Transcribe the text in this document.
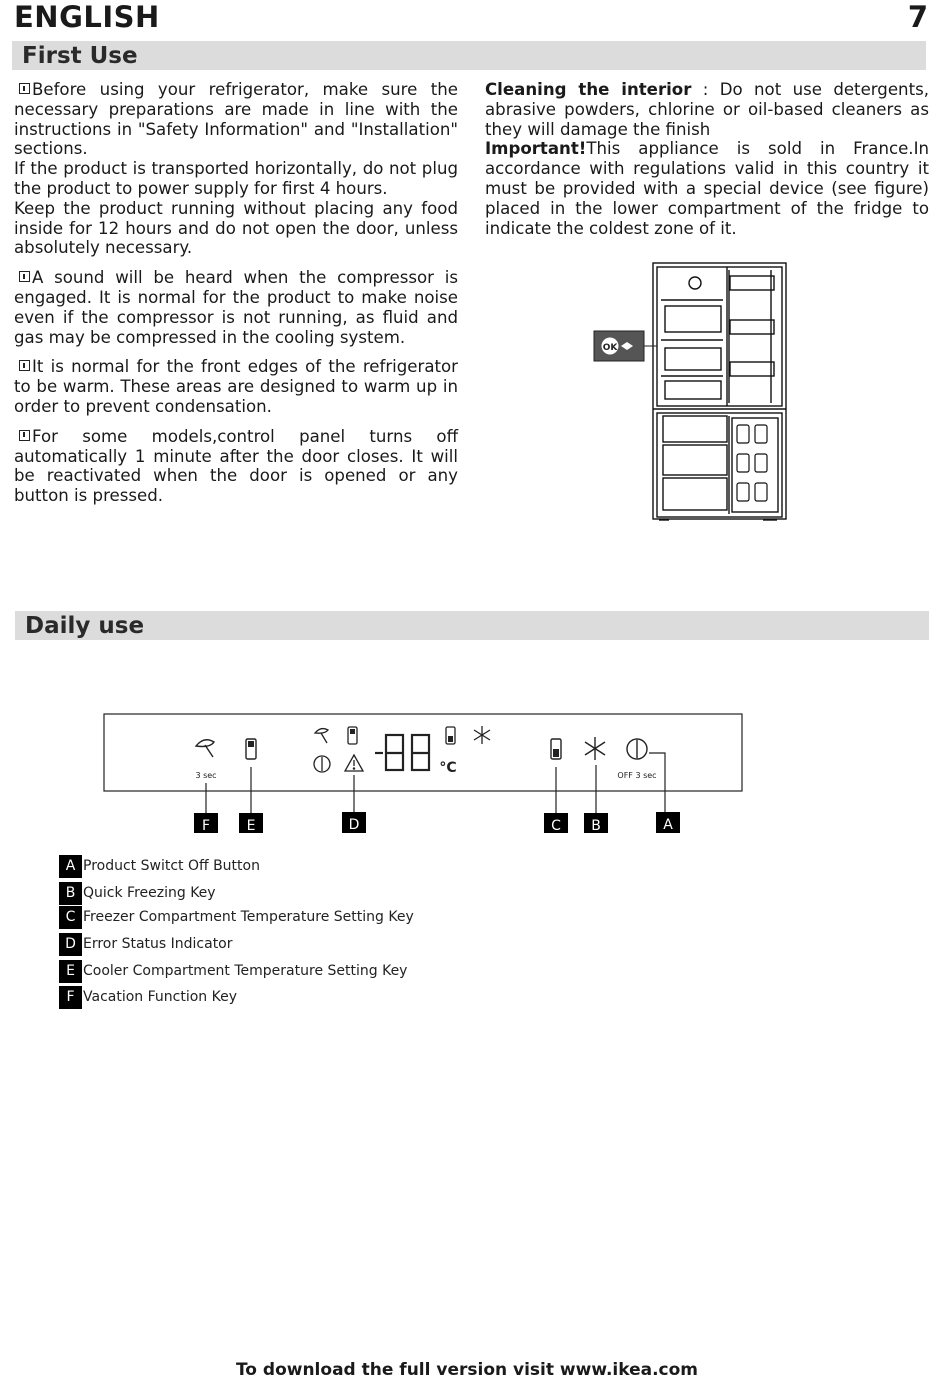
ENGLISH	7
First Use

Before using your refrigerator, make sure the necessary preparations are made in line with the instructions in "Safety Information" and "Installation" sections.

If the product is transported horizontally, do not plug the product to power supply for first 4 hours.

Keep the product running without placing any food inside for 12 hours and do not open the door, unless absolutely necessary.

A sound will be heard when the compressor is engaged. It is normal for the product to make noise even if the compressor is not running, as fluid and gas may be compressed in the cooling system.

It is normal for the front edges of the refrigerator to be warm. These areas are designed to warm up in order to prevent condensation.

For some models,control panel turns off automatically 1 minute after the door closes. It will be reactivated when the door is opened or any button is pressed.

Cleaning the interior : Do not use detergents, abrasive powders, chlorine or oil-based cleaners as they will damage the finish

Important!This appliance is sold in France.In accordance with regulations valid in this country it must be provided with a special device (see figure) placed in the lower compartment of the fridge to indicate the coldest zone of it.

OK
Daily use
3 sec	°C	OFF 3 sec
F	E	D	C B	A
A Product Switct Off Button
B Quick Freezing Key
C Freezer Compartment Temperature Setting Key
D Error Status Indicator
E Cooler Compartment Temperature Setting Key
F Vacation Function Key
To download the full version visit www.ikea.com
